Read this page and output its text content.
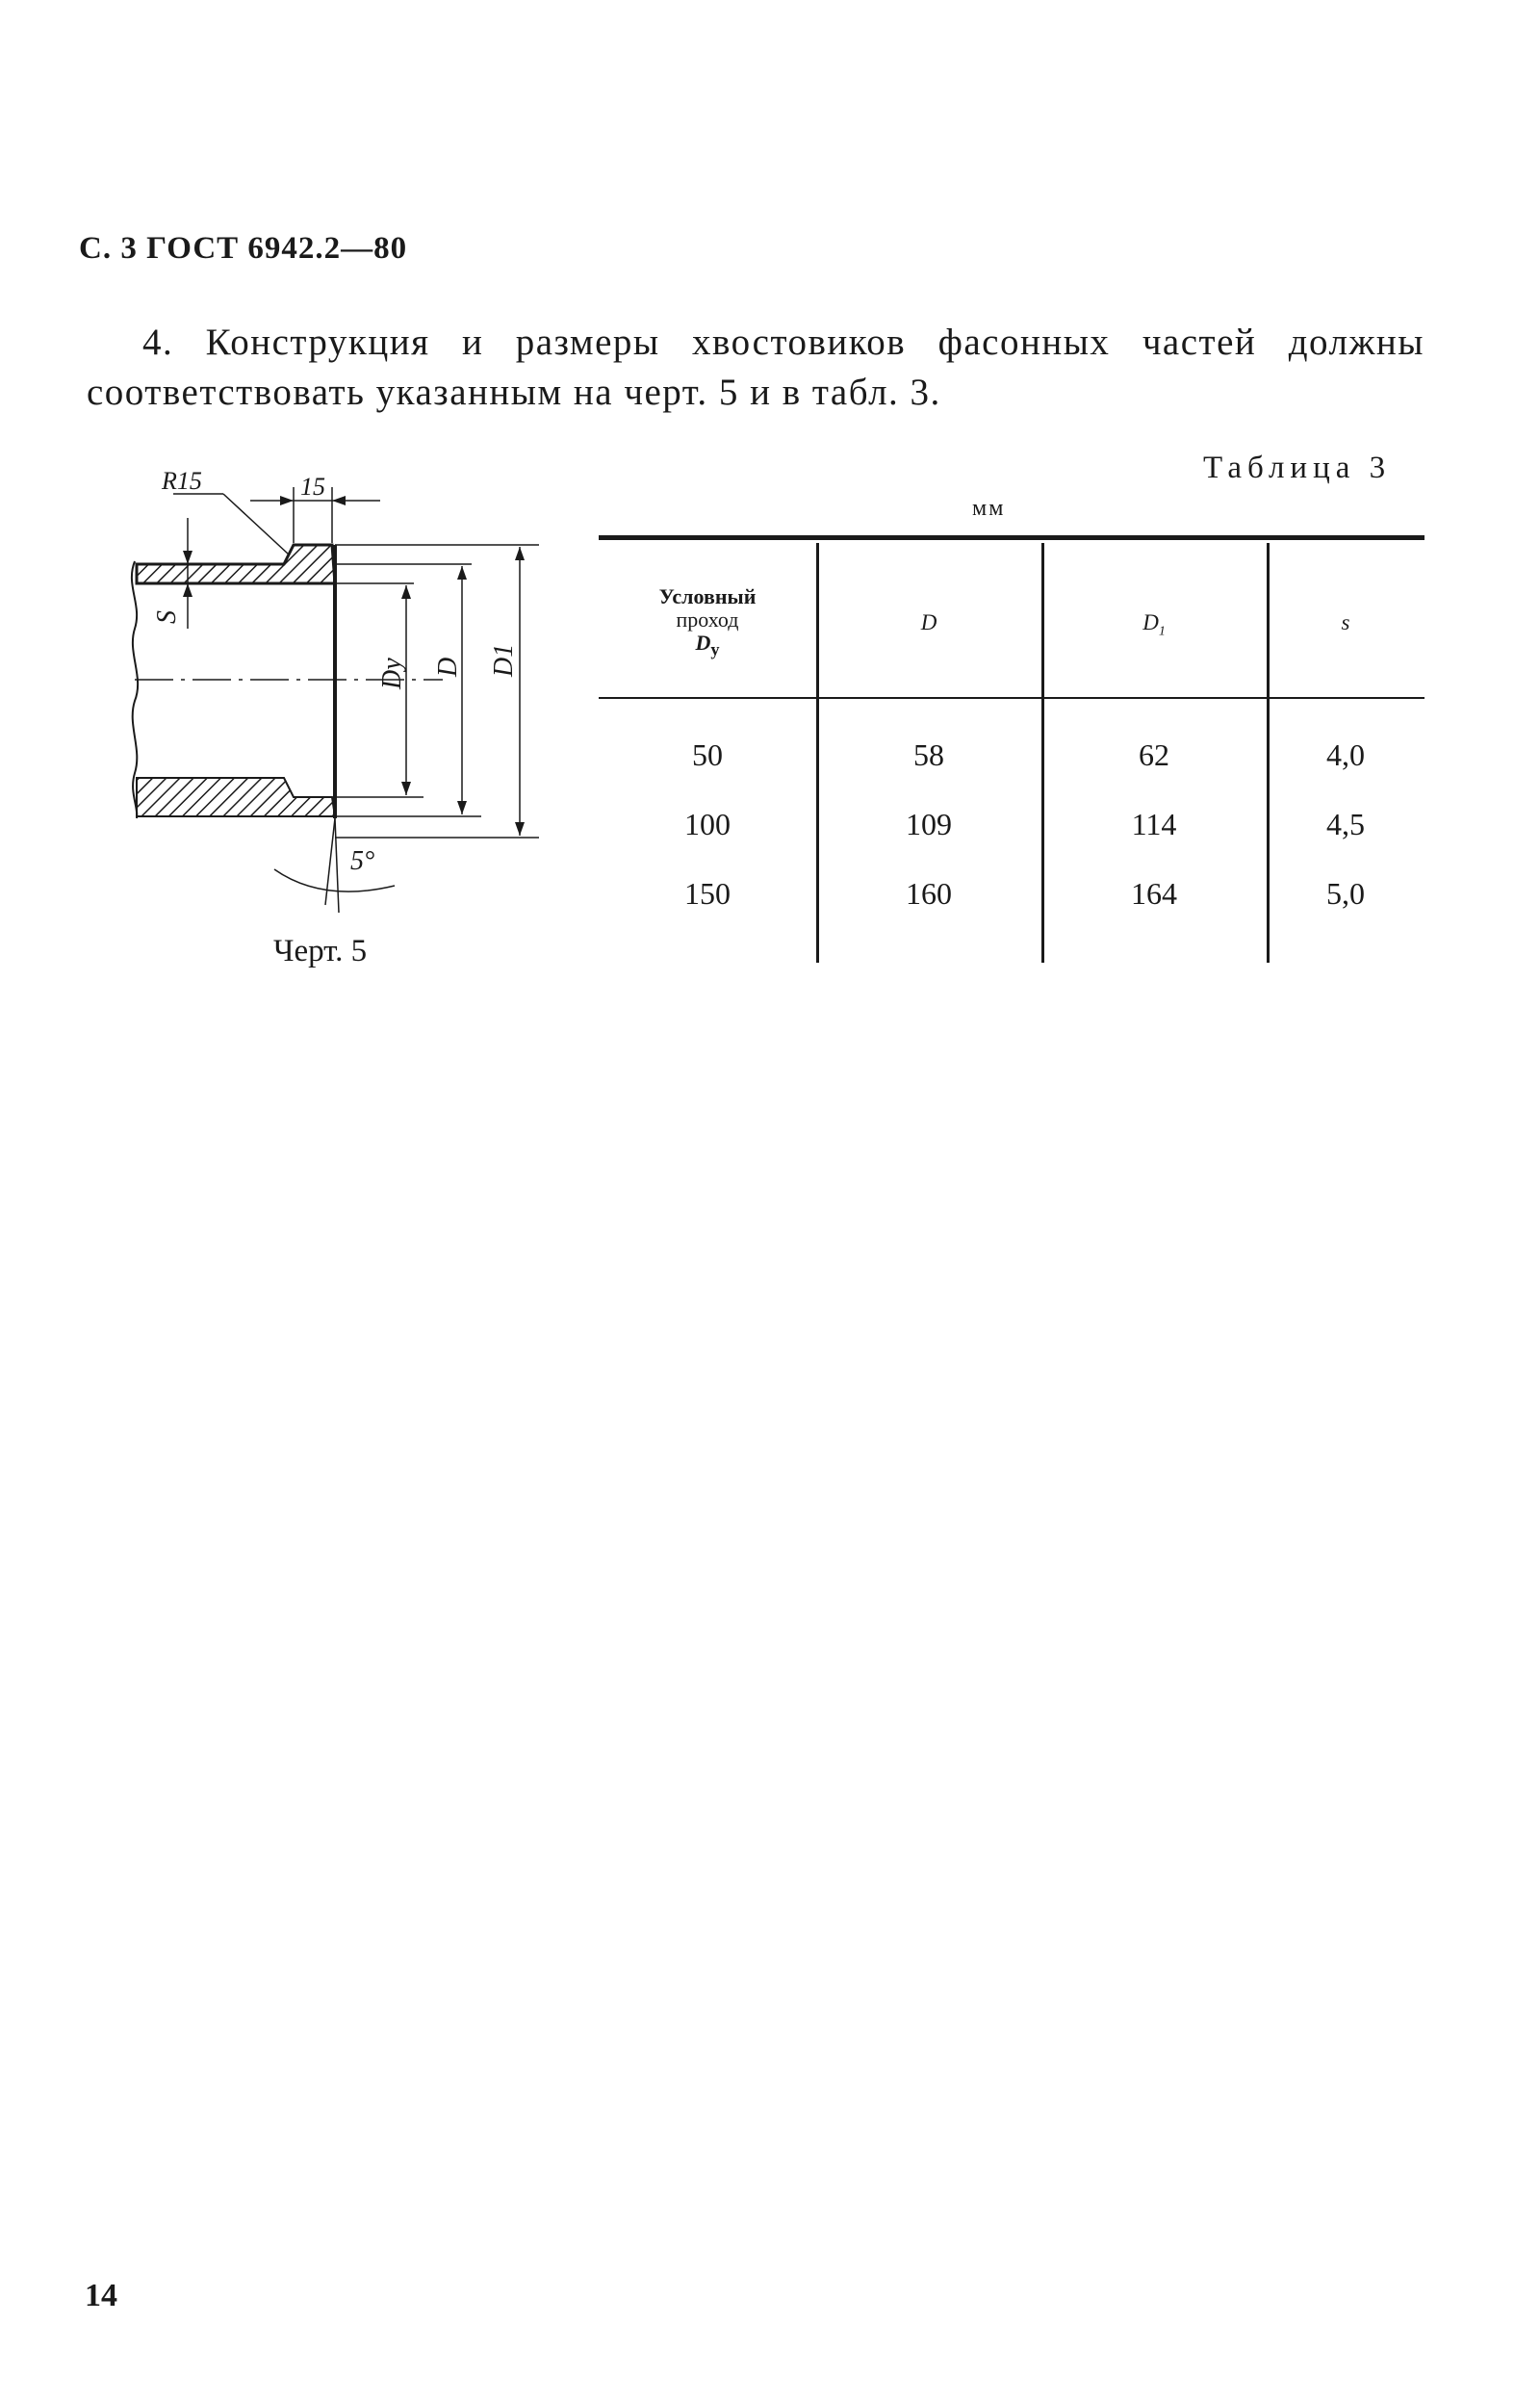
С. 3 ГОСТ 6942.2—80

4. Конструкция и размеры хвостовиков фасонных частей должны соответствовать указанным на черт. 5 и в табл. 3.

R15	15
S
Dy D D1
5°
Черт. 5
Таблица 3
мм
Условный
проход
$D_у$
D	$D_1$	s
50	58	62	4,0
100	109	114	4,5
150	160	164	5,0
14
